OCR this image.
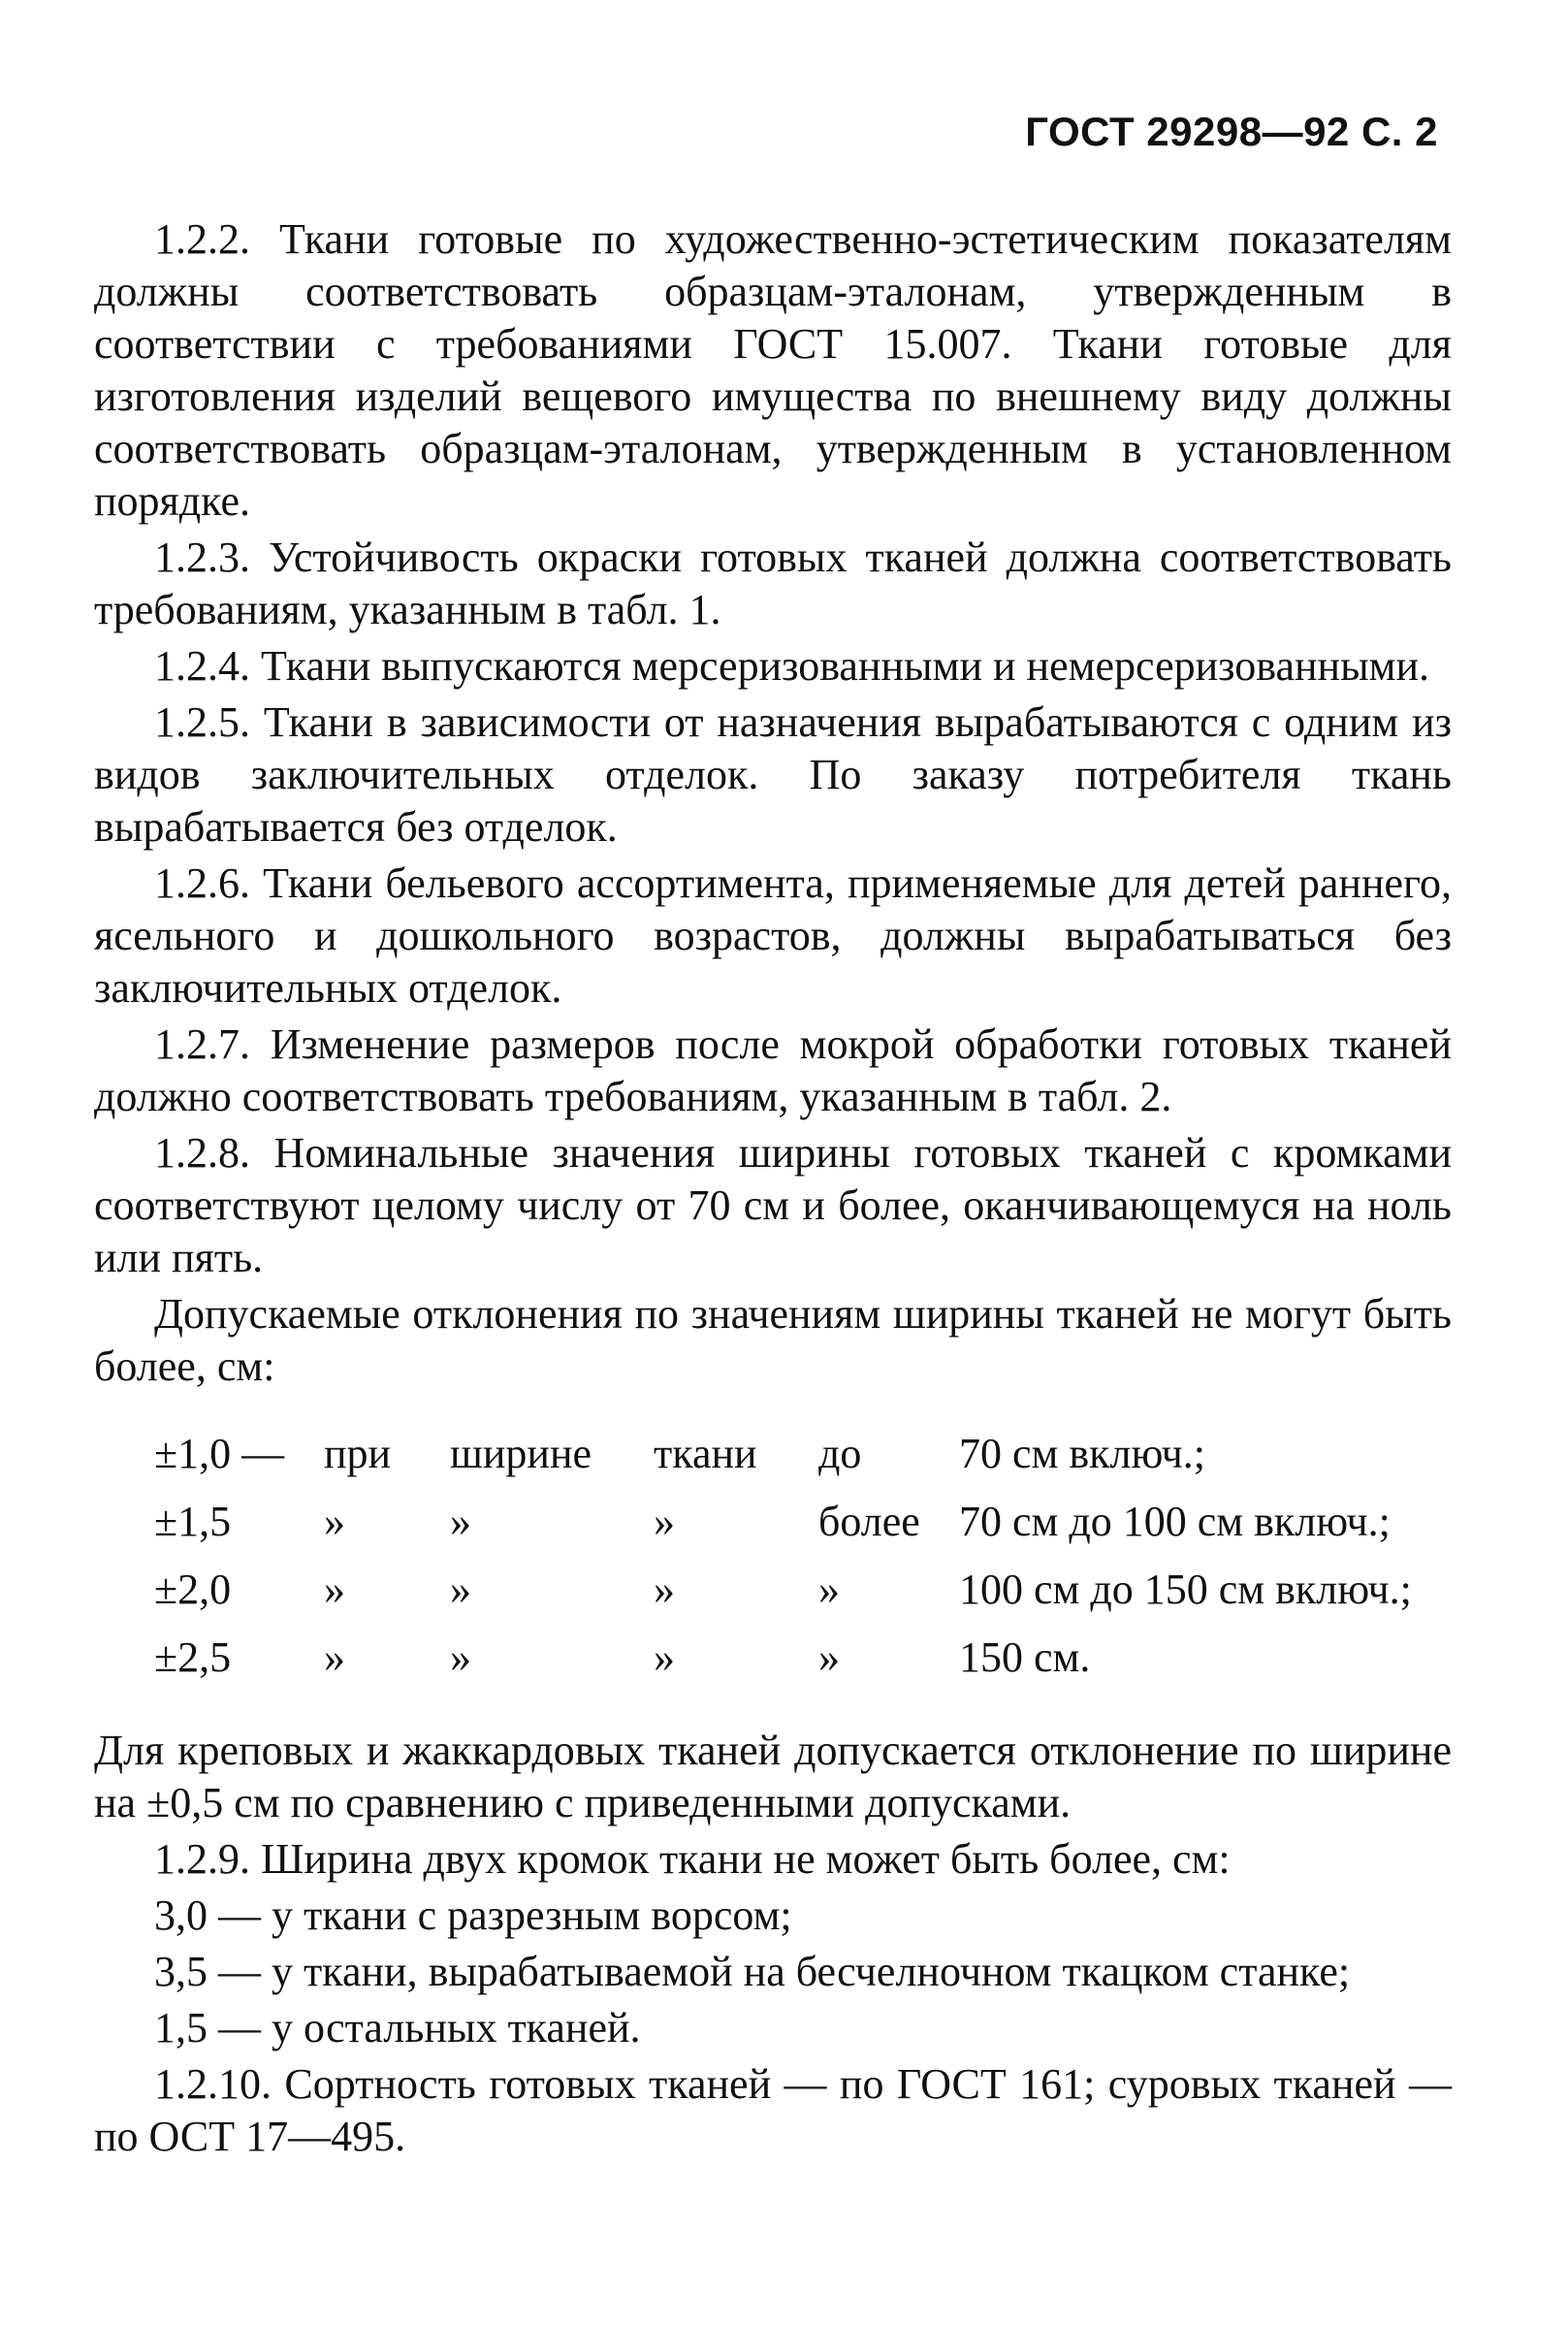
ГОСТ 29298—92 С. 2

1.2.2. Ткани готовые по художественно-эстетическим показателям должны соответствовать образцам-эталонам, утвержденным в соответствии с требованиями ГОСТ 15.007. Ткани готовые для изготовления изделий вещевого имущества по внешнему виду должны соответствовать образцам-эталонам, утвержденным в установленном порядке.

1.2.3. Устойчивость окраски готовых тканей должна соответствовать требованиям, указанным в табл. 1.

1.2.4. Ткани выпускаются мерсеризованными и немерсеризованными.

1.2.5. Ткани в зависимости от назначения вырабатываются с одним из видов заключительных отделок. По заказу потребителя ткань вырабатывается без отделок.

1.2.6. Ткани бельевого ассортимента, применяемые для детей раннего, ясельного и дошкольного возрастов, должны вырабатываться без заключительных отделок.

1.2.7. Изменение размеров после мокрой обработки готовых тканей должно соответствовать требованиям, указанным в табл. 2.

1.2.8. Номинальные значения ширины готовых тканей с кромками соответствуют целому числу от 70 см и более, оканчивающемуся на ноль или пять.

Допускаемые отклонения по значениям ширины тканей не могут быть более, см:

±1,0 —	при	ширине	ткани	до	70 см включ.;
±1,5	»	»	»	более	70 см до 100 см включ.;
±2,0	»	»	»	»	100 см до 150 см включ.;
±2,5	»	»	»	»	150 см.

Для креповых и жаккардовых тканей допускается отклонение по ширине на ±0,5 см по сравнению с приведенными допусками.

1.2.9. Ширина двух кромок ткани не может быть более, см:

3,0 — у ткани с разрезным ворсом;

3,5 — у ткани, вырабатываемой на бесчелночном ткацком станке;

1,5 — у остальных тканей.

1.2.10. Сортность готовых тканей — по ГОСТ 161; суровых тканей — по ОСТ 17—495.
